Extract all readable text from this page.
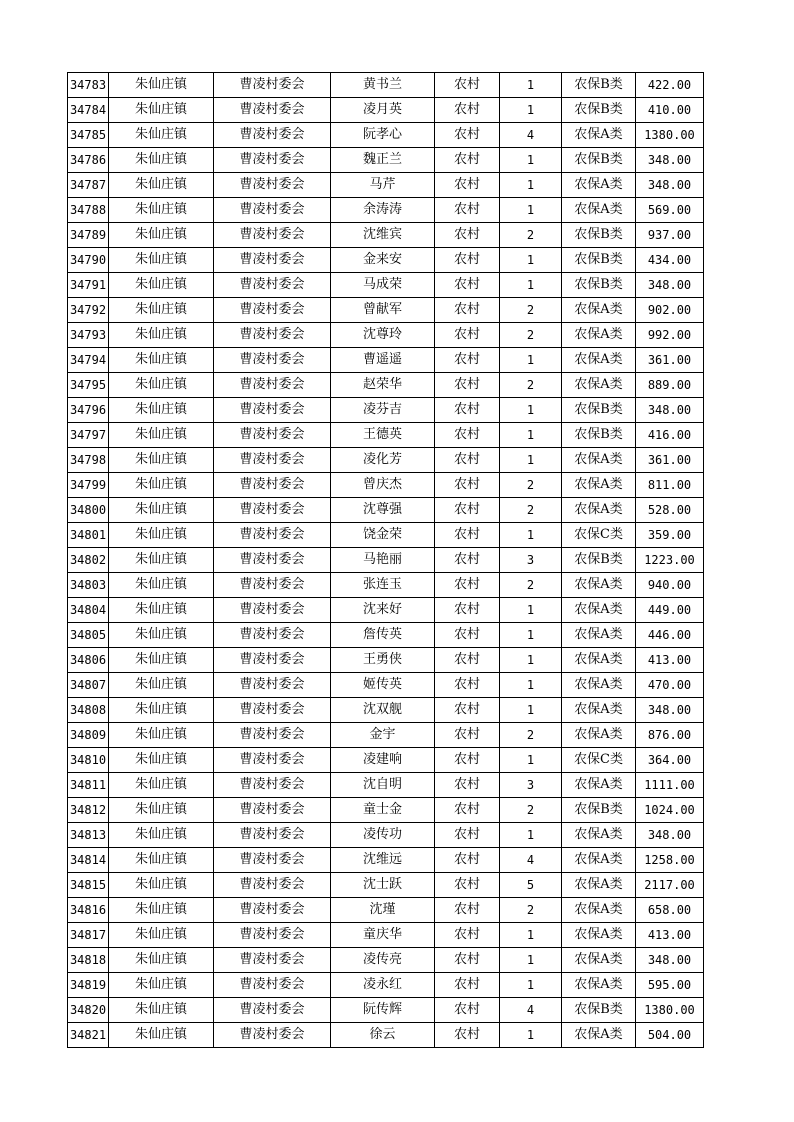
34783	朱仙庄镇	曹凌村委会	黄书兰	农村	1	农保B类	422.00
34784	朱仙庄镇	曹凌村委会	凌月英	农村	1	农保B类	410.00
34785	朱仙庄镇	曹凌村委会	阮孝心	农村	4	农保A类	1380.00
34786	朱仙庄镇	曹凌村委会	魏正兰	农村	1	农保B类	348.00
34787	朱仙庄镇	曹凌村委会	马芹	农村	1	农保A类	348.00
34788	朱仙庄镇	曹凌村委会	余涛涛	农村	1	农保A类	569.00
34789	朱仙庄镇	曹凌村委会	沈维宾	农村	2	农保B类	937.00
34790	朱仙庄镇	曹凌村委会	金来安	农村	1	农保B类	434.00
34791	朱仙庄镇	曹凌村委会	马成荣	农村	1	农保B类	348.00
34792	朱仙庄镇	曹凌村委会	曾献军	农村	2	农保A类	902.00
34793	朱仙庄镇	曹凌村委会	沈尊玲	农村	2	农保A类	992.00
34794	朱仙庄镇	曹凌村委会	曹遥遥	农村	1	农保A类	361.00
34795	朱仙庄镇	曹凌村委会	赵荣华	农村	2	农保A类	889.00
34796	朱仙庄镇	曹凌村委会	凌芬吉	农村	1	农保B类	348.00
34797	朱仙庄镇	曹凌村委会	王德英	农村	1	农保B类	416.00
34798	朱仙庄镇	曹凌村委会	凌化芳	农村	1	农保A类	361.00
34799	朱仙庄镇	曹凌村委会	曾庆杰	农村	2	农保A类	811.00
34800	朱仙庄镇	曹凌村委会	沈尊强	农村	2	农保A类	528.00
34801	朱仙庄镇	曹凌村委会	饶金荣	农村	1	农保C类	359.00
34802	朱仙庄镇	曹凌村委会	马艳丽	农村	3	农保B类	1223.00
34803	朱仙庄镇	曹凌村委会	张连玉	农村	2	农保A类	940.00
34804	朱仙庄镇	曹凌村委会	沈来好	农村	1	农保A类	449.00
34805	朱仙庄镇	曹凌村委会	詹传英	农村	1	农保A类	446.00
34806	朱仙庄镇	曹凌村委会	王勇侠	农村	1	农保A类	413.00
34807	朱仙庄镇	曹凌村委会	姬传英	农村	1	农保A类	470.00
34808	朱仙庄镇	曹凌村委会	沈双舰	农村	1	农保A类	348.00
34809	朱仙庄镇	曹凌村委会	金宇	农村	2	农保A类	876.00
34810	朱仙庄镇	曹凌村委会	凌建响	农村	1	农保C类	364.00
34811	朱仙庄镇	曹凌村委会	沈自明	农村	3	农保A类	1111.00
34812	朱仙庄镇	曹凌村委会	童士金	农村	2	农保B类	1024.00
34813	朱仙庄镇	曹凌村委会	凌传功	农村	1	农保A类	348.00
34814	朱仙庄镇	曹凌村委会	沈维远	农村	4	农保A类	1258.00
34815	朱仙庄镇	曹凌村委会	沈士跃	农村	5	农保A类	2117.00
34816	朱仙庄镇	曹凌村委会	沈瑾	农村	2	农保A类	658.00
34817	朱仙庄镇	曹凌村委会	童庆华	农村	1	农保A类	413.00
34818	朱仙庄镇	曹凌村委会	凌传亮	农村	1	农保A类	348.00
34819	朱仙庄镇	曹凌村委会	凌永红	农村	1	农保A类	595.00
34820	朱仙庄镇	曹凌村委会	阮传辉	农村	4	农保B类	1380.00
34821	朱仙庄镇	曹凌村委会	徐云	农村	1	农保A类	504.00
